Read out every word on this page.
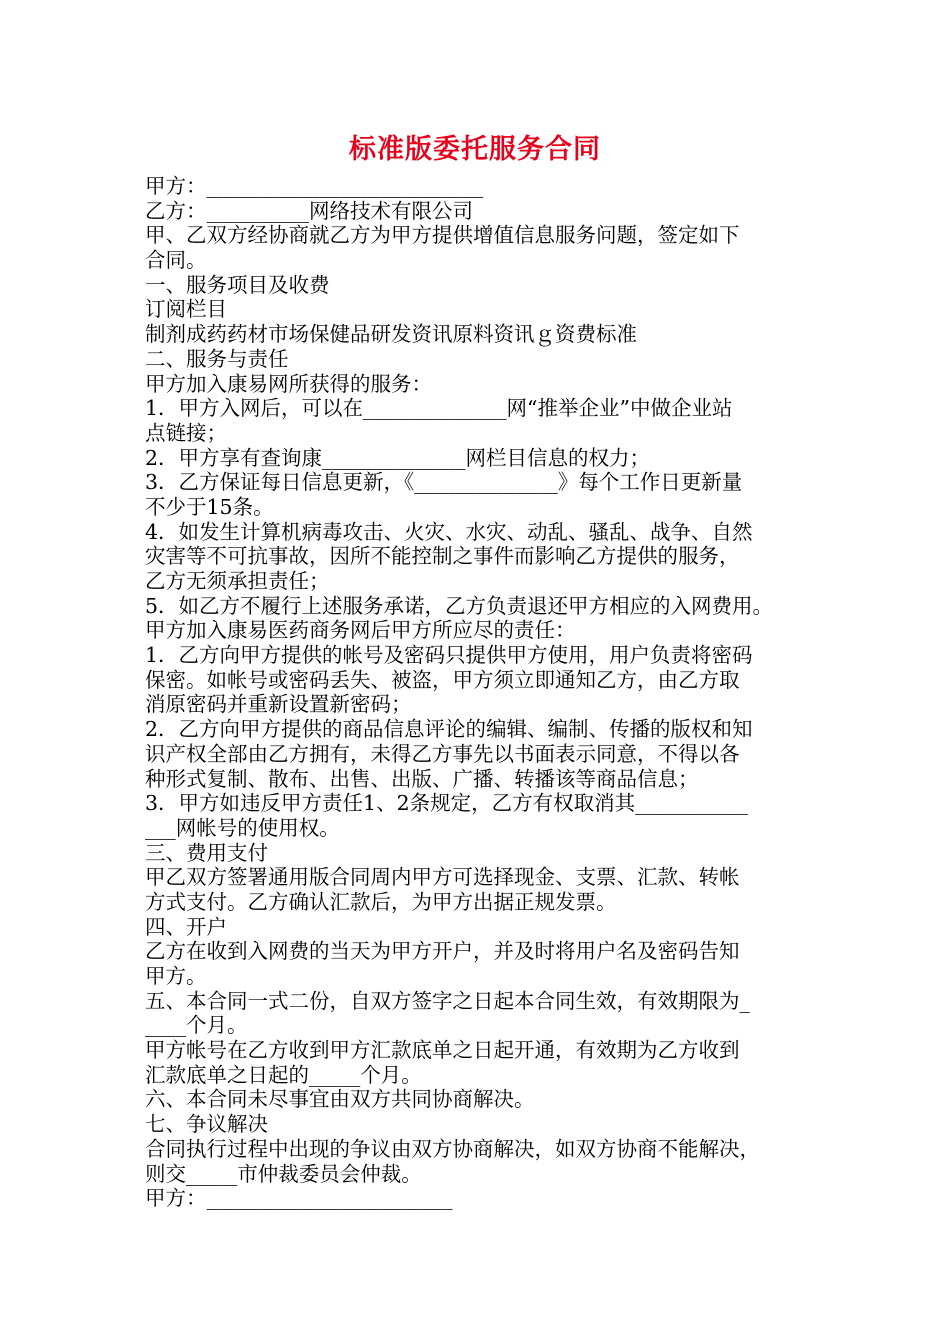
标准版委托服务合同
甲方：___________________________
乙方：__________网络技术有限公司
甲、乙双方经协商就乙方为甲方提供增值信息服务问题，签定如下
合同。
一、服务项目及收费
订阅栏目
制剂成药药材市场保健品研发资讯原料资讯ｇ资费标准
二、服务与责任
甲方加入康易网所获得的服务：
1．甲方入网后，可以在______________网“推举企业”中做企业站
点链接；
2．甲方享有查询康______________网栏目信息的权力；
3．乙方保证每日信息更新，《______________》每个工作日更新量
不少于15条。
4．如发生计算机病毒攻击、火灾、水灾、动乱、骚乱、战争、自然
灾害等不可抗事故，因所不能控制之事件而影响乙方提供的服务，
乙方无须承担责任；
5．如乙方不履行上述服务承诺，乙方负责退还甲方相应的入网费用。
甲方加入康易医药商务网后甲方所应尽的责任：
1．乙方向甲方提供的帐号及密码只提供甲方使用，用户负责将密码
保密。如帐号或密码丢失、被盗，甲方须立即通知乙方，由乙方取
消原密码并重新设置新密码；
2．乙方向甲方提供的商品信息评论的编辑、编制、传播的版权和知
识产权全部由乙方拥有，未得乙方事先以书面表示同意，不得以各
种形式复制、散布、出售、出版、广播、转播该等商品信息；
3．甲方如违反甲方责任1、2条规定，乙方有权取消其___________
___网帐号的使用权。
三、费用支付
甲乙双方签署通用版合同周内甲方可选择现金、支票、汇款、转帐
方式支付。乙方确认汇款后，为甲方出据正规发票。
四、开户
乙方在收到入网费的当天为甲方开户，并及时将用户名及密码告知
甲方。
五、本合同一式二份，自双方签字之日起本合同生效，有效期限为_
____个月。
甲方帐号在乙方收到甲方汇款底单之日起开通，有效期为乙方收到
汇款底单之日起的_____个月。
六、本合同未尽事宜由双方共同协商解决。
七、争议解决
合同执行过程中出现的争议由双方协商解决，如双方协商不能解决，
则交_____市仲裁委员会仲裁。
甲方：________________________
